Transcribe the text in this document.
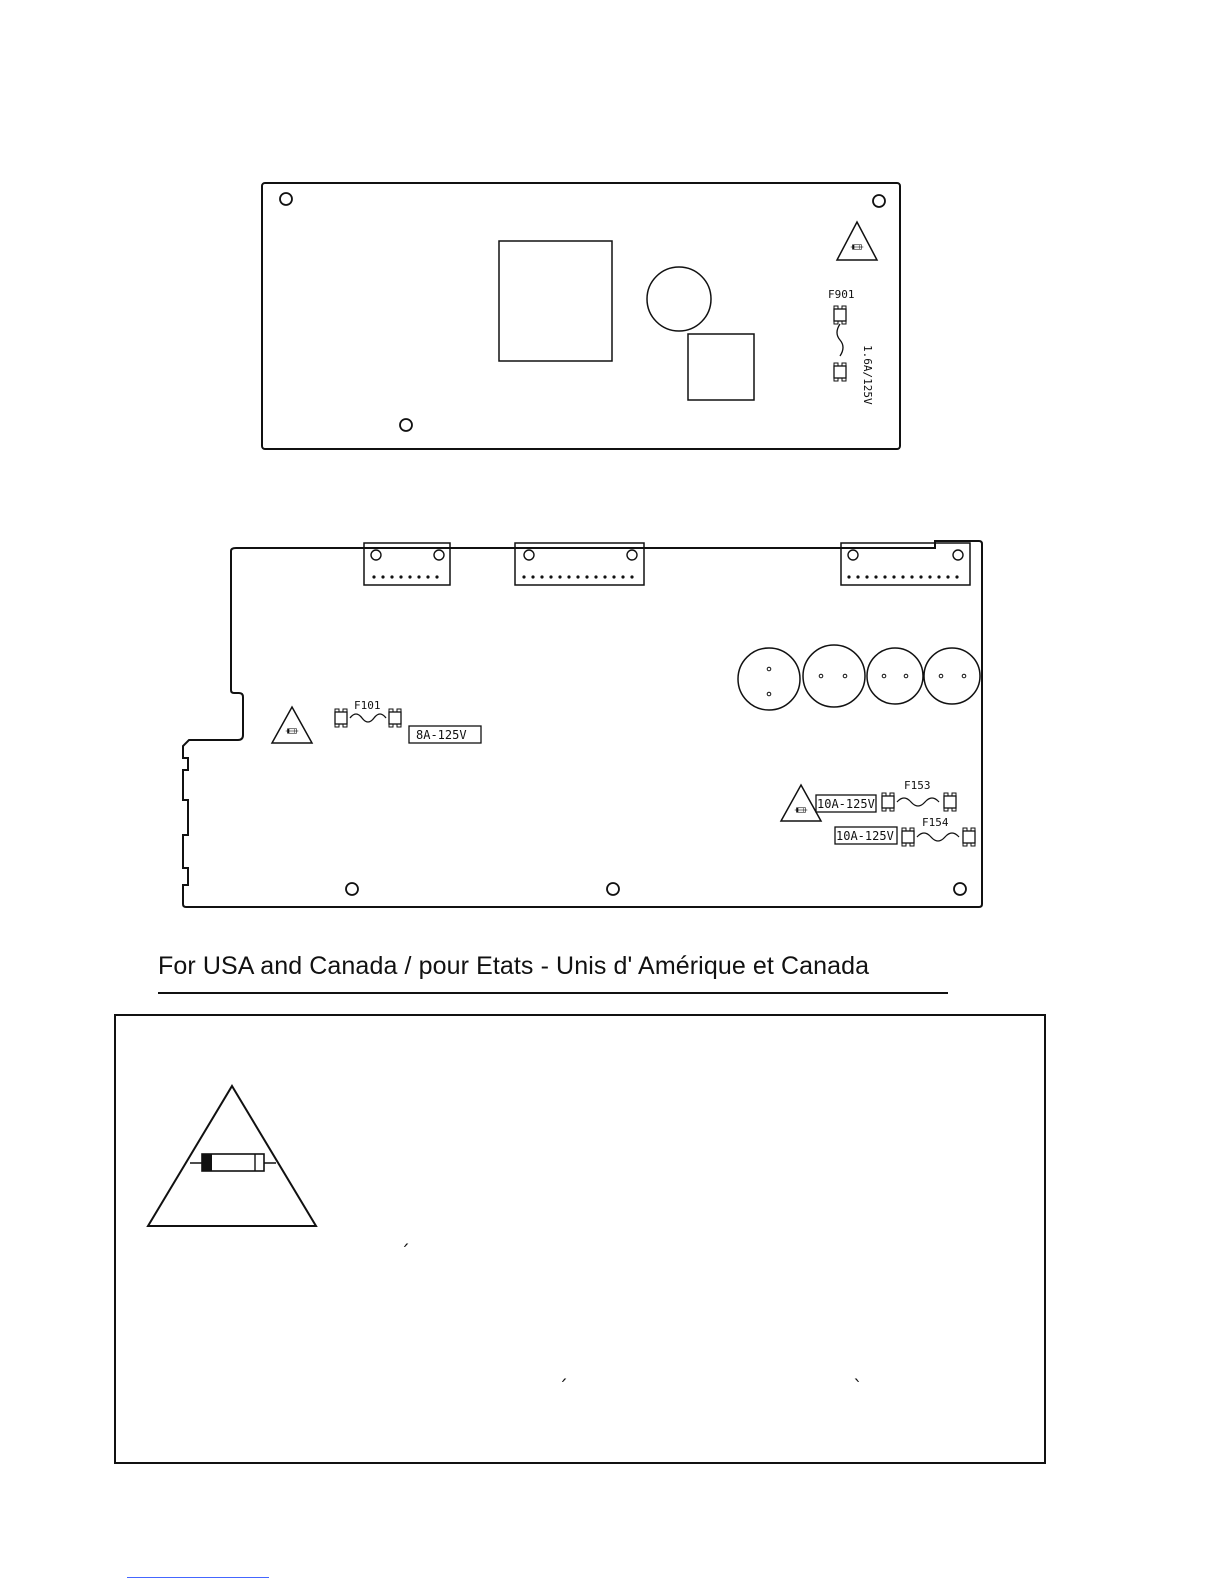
F901
1.6A/125V
F101
8A-125V
10A-125V
F153
10A-125V
F154
For USA and Canada / pour Etats - Unis d' Amérique et Canada
´
´	`
